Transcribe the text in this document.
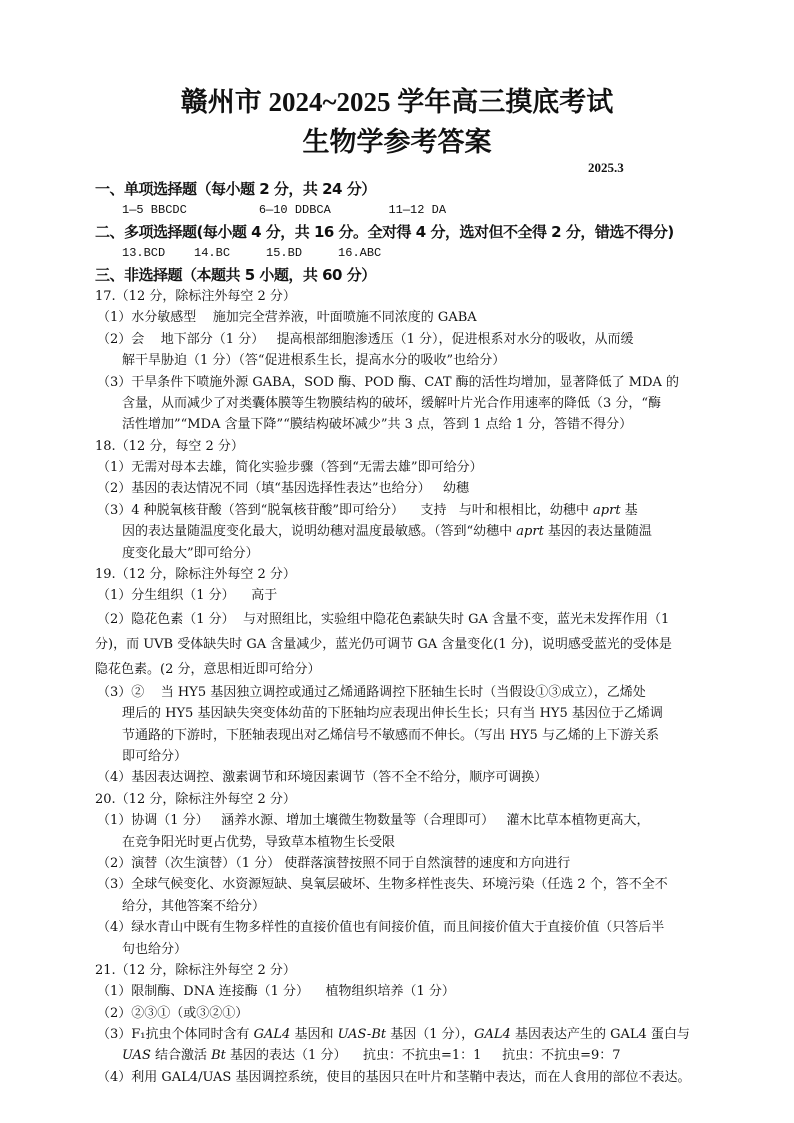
赣州市 2024~2025 学年高三摸底考试
生物学参考答案
2025.3
一、单项选择题（每小题 2 分，共 24 分）
1—5 BBCDC          6—10 DDBCA        11—12 DA
二、多项选择题(每小题 4 分，共 16 分。全对得 4 分，选对但不全得 2 分，错选不得分)
13.BCD    14.BC     15.BD     16.ABC
三、非选择题（本题共 5 小题，共 60 分）
17.（12 分，除标注外每空 2 分）
（1）水分敏感型    施加完全营养液，叶面喷施不同浓度的 GABA
（2）会    地下部分（1 分）   提高根部细胞渗透压（1 分），促进根系对水分的吸收，从而缓
解干旱胁迫（1 分）（答“促进根系生长，提高水分的吸收”也给分）
（3）干旱条件下喷施外源 GABA，SOD 酶、POD 酶、CAT 酶的活性均增加，显著降低了 MDA 的
含量，从而减少了对类囊体膜等生物膜结构的破坏，缓解叶片光合作用速率的降低（3 分，“酶
活性增加”“MDA 含量下降”“膜结构破坏减少”共 3 点，答到 1 点给 1 分，答错不得分）
18.（12 分，每空 2 分）
（1）无需对母本去雄，简化实验步骤（答到“无需去雄”即可给分）
（2）基因的表达情况不同（填“基因选择性表达”也给分）   幼穗
（3）4 种脱氧核苷酸（答到“脱氧核苷酸”即可给分）    支持   与叶和根相比，幼穗中 aprt 基
因的表达量随温度变化最大，说明幼穗对温度最敏感。（答到“幼穗中 aprt 基因的表达量随温
度变化最大”即可给分）
19.（12 分，除标注外每空 2 分）
（1）分生组织（1 分）    高于
（2）隐花色素（1 分）  与对照组比，实验组中隐花色素缺失时 GA 含量不变，蓝光未发挥作用（1
分)，而 UVB 受体缺失时 GA 含量减少，蓝光仍可调节 GA 含量变化(1 分)，说明感受蓝光的受体是
隐花色素。(2 分，意思相近即可给分）
（3）②    当 HY5 基因独立调控或通过乙烯通路调控下胚轴生长时（当假设①③成立），乙烯处
理后的 HY5 基因缺失突变体幼苗的下胚轴均应表现出伸长生长；只有当 HY5 基因位于乙烯调
节通路的下游时，下胚轴表现出对乙烯信号不敏感而不伸长。（写出 HY5 与乙烯的上下游关系
即可给分）
（4）基因表达调控、激素调节和环境因素调节（答不全不给分，顺序可调换）
20.（12 分，除标注外每空 2 分）
（1）协调（1 分）   涵养水源、增加土壤微生物数量等（合理即可）   灌木比草本植物更高大，
在竞争阳光时更占优势，导致草本植物生长受限
（2）演替（次生演替）（1 分） 使群落演替按照不同于自然演替的速度和方向进行
（3）全球气候变化、水资源短缺、臭氧层破坏、生物多样性丧失、环境污染（任选 2 个，答不全不
给分，其他答案不给分）
（4）绿水青山中既有生物多样性的直接价值也有间接价值，而且间接价值大于直接价值（只答后半
句也给分）
21.（12 分，除标注外每空 2 分）
（1）限制酶、DNA 连接酶（1 分）    植物组织培养（1 分）
（2）②③①（或③②①）
（3）F₁抗虫个体同时含有 GAL4 基因和 UAS-Bt 基因（1 分），GAL4 基因表达产生的 GAL4 蛋白与
UAS 结合激活 Bt 基因的表达（1 分）    抗虫：不抗虫=1：1     抗虫：不抗虫=9：7
（4）利用 GAL4/UAS 基因调控系统，使目的基因只在叶片和茎鞘中表达，而在人食用的部位不表达。
